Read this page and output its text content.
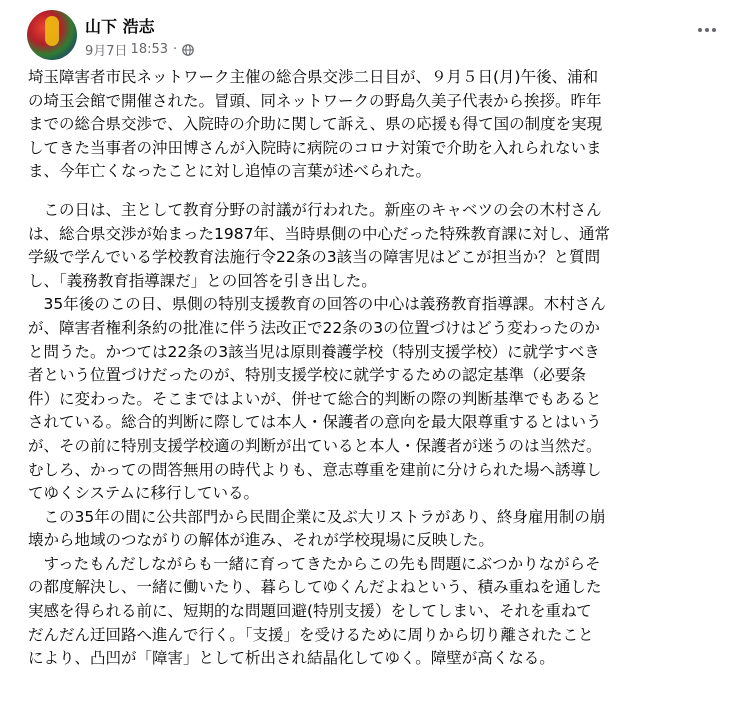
山下 浩志
9月7日 18:53 ·

埼玉障害者市民ネットワーク主催の総合県交渉二日目が、９月５日(月)午後、浦和

の埼玉会館で開催された。冒頭、同ネットワークの野島久美子代表から挨拶。昨年

までの総合県交渉で、入院時の介助に関して訴え、県の応援も得て国の制度を実現

してきた当事者の沖田博さんが入院時に病院のコロナ対策で介助を入れられないま

ま、今年亡くなったことに対し追悼の言葉が述べられた。

　この日は、主として教育分野の討議が行われた。新座のキャベツの会の木村さん

は、総合県交渉が始まった1987年、当時県側の中心だった特殊教育課に対し、通常

学級で学んでいる学校教育法施行令22条の3該当の障害児はどこが担当か？と質問

し、「義務教育指導課だ」との回答を引き出した。

　35年後のこの日、県側の特別支援教育の回答の中心は義務教育指導課。木村さん

が、障害者権利条約の批准に伴う法改正で22条の3の位置づけはどう変わったのか

と問うた。かつては22条の3該当児は原則養護学校（特別支援学校）に就学すべき

者という位置づけだったのが、特別支援学校に就学するための認定基準（必要条

件）に変わった。そこまではよいが、併せて総合的判断の際の判断基準でもあると

されている。総合的判断に際しては本人・保護者の意向を最大限尊重するとはいう

が、その前に特別支援学校適の判断が出ていると本人・保護者が迷うのは当然だ。

むしろ、かっての問答無用の時代よりも、意志尊重を建前に分けられた場へ誘導し

てゆくシステムに移行している。

　この35年の間に公共部門から民間企業に及ぶ大リストラがあり、終身雇用制の崩

壊から地域のつながりの解体が進み、それが学校現場に反映した。

　すったもんだしながらも一緒に育ってきたからこの先も問題にぶつかりながらそ

の都度解決し、一緒に働いたり、暮らしてゆくんだよねという、積み重ねを通した

実感を得られる前に、短期的な問題回避(特別支援）をしてしまい、それを重ねて

だんだん迂回路へ進んで行く。「支援」を受けるために周りから切り離されたこと

により、凸凹が「障害」として析出され結晶化してゆく。障壁が高くなる。
